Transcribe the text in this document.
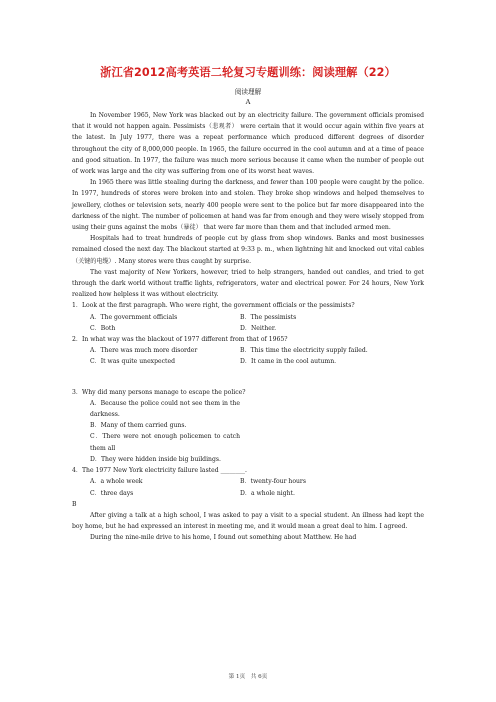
浙江省2012高考英语二轮复习专题训练：阅读理解（22）
阅读理解
A

In November 1965, New York was blacked out by an electricity failure. The government officials promised that it would not happen again. Pessimists（悲观者） were certain that it would occur again within five years at the latest. In July 1977, there was a repeat performance which produced different degrees of disorder throughout the city of 8,000,000 people. In 1965, the failure occurred in the cool autumn and at a time of peace and good situation. In 1977, the failure was much more serious because it came when the number of people out of work was large and the city was suffering from one of its worst heat waves.

In 1965 there was little stealing during the darkness, and fewer than 100 people were caught by the police. In 1977, hundreds of stores were broken into and stolen. They broke shop windows and helped themselves to jewellery, clothes or television sets, nearly 400 people were sent to the police but far more disappeared into the darkness of the night. The number of policemen at hand was far from enough and they were wisely stopped from using their guns against the mobs（暴徒） that were far more than them and that included armed men.

Hospitals had to treat hundreds of people cut by glass from shop windows. Banks and most businesses remained closed the next day. The blackout started at 9:33 p. m., when lightning hit and knocked out vital cables（关键的电缆）. Many stores were thus caught by surprise.

The vast majority of New Yorkers, however, tried to help strangers, handed out candles, and tried to get through the dark world without traffic lights, refrigerators, water and electrical power. For 24 hours, New York realized how helpless it was without electricity.

1．Look at the first paragraph. Who were right, the government officials or the pessimists?

A．The government officials	B．The pessimists

C．Both	D．Neither.

2．In what way was the blackout of 1977 different from that of 1965?

A．There was much more disorder	B．This time the electricity supply failed.

C．It was quite unexpected	D．It came in the cool autumn.

3．Why did many persons manage to escape the police?

A．Because the police could not see them in the darkness.

B．Many of them carried guns.

C．There were not enough policemen to catch them all

D．They were hidden inside big buildings.

4．The 1977 New York electricity failure lasted ________.

A．a whole week	B．twenty-four hours

C．three days	D．a whole night.

B

After giving a talk at a high school, I was asked to pay a visit to a special student. An illness had kept the boy home, but he had expressed an interest in meeting me, and it would mean a great deal to him. I agreed.

During the nine-mile drive to his home, I found out something about Matthew. He had

第 1页　共 6页
